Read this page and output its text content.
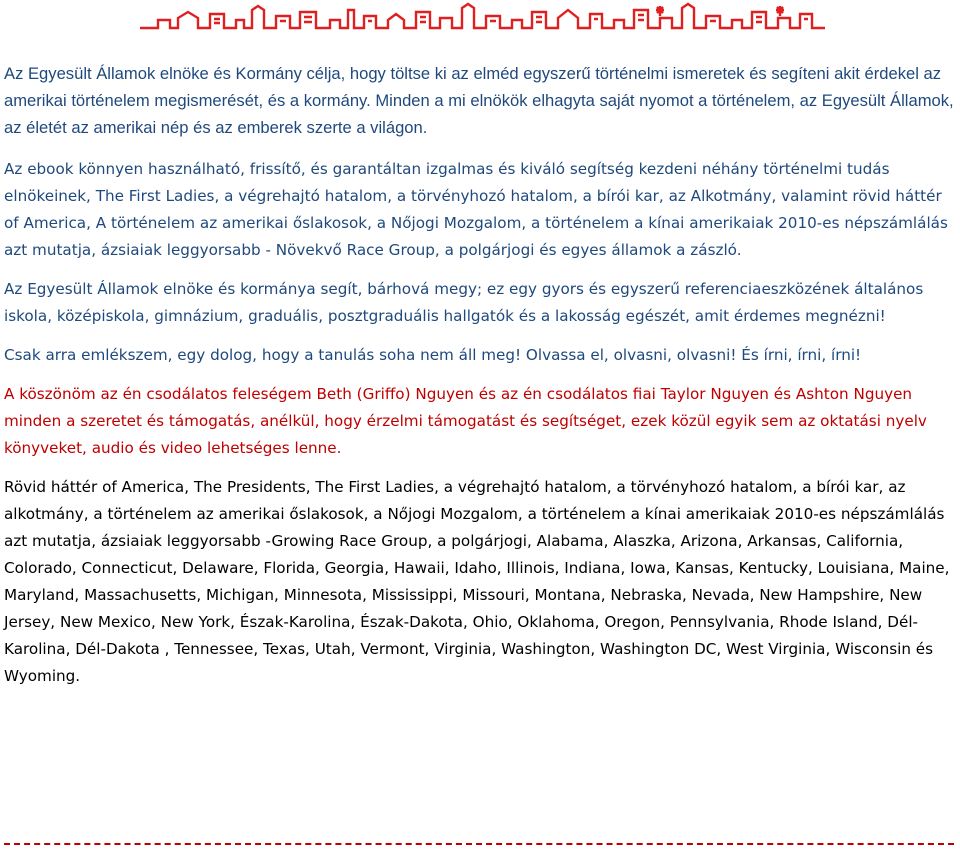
Az Egyesült Államok elnöke és Kormány célja, hogy töltse ki az elméd egyszerű történelmi ismeretek és segíteni akit érdekel az amerikai történelem megismerését, és a kormány. Minden a mi elnökök elhagyta saját nyomot a történelem, az Egyesült Államok, az életét az amerikai nép és az emberek szerte a világon.

Az ebook könnyen használható, frissítő, és garantáltan izgalmas és kiváló segítség kezdeni néhány történelmi tudás elnökeinek, The First Ladies, a végrehajtó hatalom, a törvényhozó hatalom, a bírói kar, az Alkotmány, valamint rövid háttér of America, A történelem az amerikai őslakosok, a Nőjogi Mozgalom, a történelem a kínai amerikaiak 2010-es népszámlálás azt mutatja, ázsiaiak leggyorsabb - Növekvő Race Group, a polgárjogi és egyes államok a zászló.

Az Egyesült Államok elnöke és kormánya segít, bárhová megy; ez egy gyors és egyszerű referenciaeszközének általános iskola, középiskola, gimnázium, graduális, posztgraduális hallgatók és a lakosság egészét, amit érdemes megnézni!

Csak arra emlékszem, egy dolog, hogy a tanulás soha nem áll meg! Olvassa el, olvasni, olvasni! És írni, írni, írni!

A köszönöm az én csodálatos feleségem Beth (Griffo) Nguyen és az én csodálatos fiai Taylor Nguyen és Ashton Nguyen minden a szeretet és támogatás, anélkül, hogy érzelmi támogatást és segítséget, ezek közül egyik sem az oktatási nyelv könyveket, audio és video lehetséges lenne.

Rövid háttér of America, The Presidents, The First Ladies, a végrehajtó hatalom, a törvényhozó hatalom, a bírói kar, az alkotmány, a történelem az amerikai őslakosok, a Nőjogi Mozgalom, a történelem a kínai amerikaiak 2010-es népszámlálás azt mutatja, ázsiaiak leggyorsabb -Growing Race Group, a polgárjogi, Alabama, Alaszka, Arizona, Arkansas, California, Colorado, Connecticut, Delaware, Florida, Georgia, Hawaii, Idaho, Illinois, Indiana, Iowa, Kansas, Kentucky, Louisiana, Maine, Maryland, Massachusetts, Michigan, Minnesota, Mississippi, Missouri, Montana, Nebraska, Nevada, New Hampshire, New Jersey, New Mexico, New York, Észak-Karolina, Észak-Dakota, Ohio, Oklahoma, Oregon, Pennsylvania, Rhode Island, Dél-Karolina, Dél-Dakota , Tennessee, Texas, Utah, Vermont, Virginia, Washington, Washington DC, West Virginia, Wisconsin és Wyoming.
